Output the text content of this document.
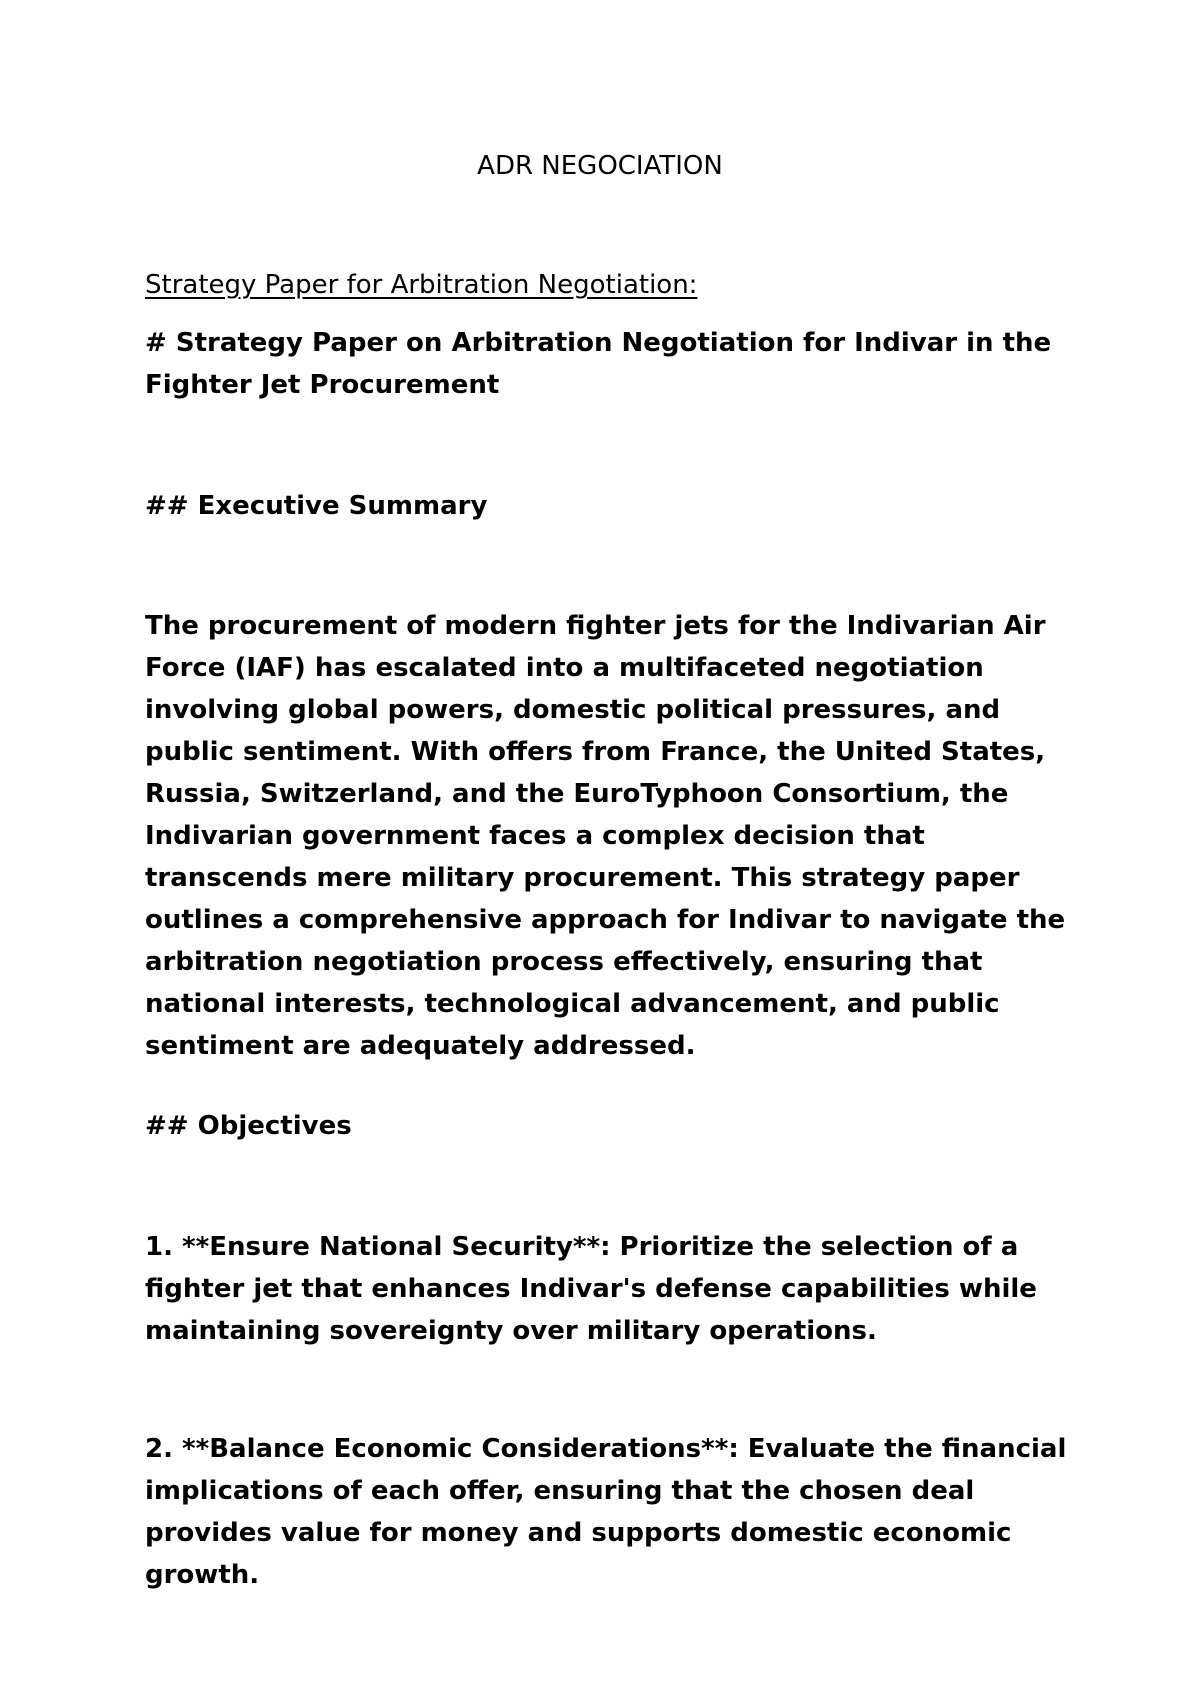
ADR NEGOCIATION
Strategy Paper for Arbitration Negotiation:

# Strategy Paper on Arbitration Negotiation for Indivar in the Fighter Jet Procurement

## Executive Summary

The procurement of modern fighter jets for the Indivarian Air Force (IAF) has escalated into a multifaceted negotiation involving global powers, domestic political pressures, and public sentiment. With offers from France, the United States, Russia, Switzerland, and the EuroTyphoon Consortium, the Indivarian government faces a complex decision that transcends mere military procurement. This strategy paper outlines a comprehensive approach for Indivar to navigate the arbitration negotiation process effectively, ensuring that national interests, technological advancement, and public sentiment are adequately addressed.

## Objectives

1. **Ensure National Security**: Prioritize the selection of a fighter jet that enhances Indivar's defense capabilities while maintaining sovereignty over military operations.

2. **Balance Economic Considerations**: Evaluate the financial implications of each offer, ensuring that the chosen deal provides value for money and supports domestic economic growth.
